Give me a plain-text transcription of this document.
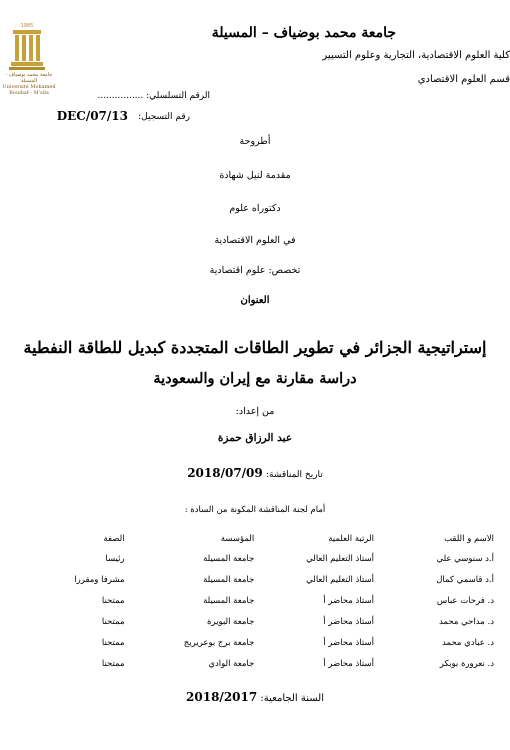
1985
جامعة محمد بوضياف - المسيلة
Université Mohamed Boudiaf - M'sila
جامعة محمد بوضياف – المسيلة
كلية العلوم الاقتصادية، التجارية وعلوم التسيير
قسم العلوم الاقتصادي
الرقم التسلسلي: ................
رقم التسجيل:
DEC/07/13
أطروحة
مقدمة لنيل شهادة
دكتوراه علوم
في العلوم الاقتصادية
تخصص: علوم اقتصادية
العنوان
إستراتيجية الجزائر في تطوير الطاقات المتجددة كبديل للطاقة النفطية
دراسة مقارنة مع إيران والسعودية
من إعداد:
عبد الرزاق حمزة
تاريخ المناقشة: 2018/07/09
أمام لجنة المناقشة المكونة من السادة :
الاسم و اللقب	الرتبة العلمية	المؤسسة	الصفة
أ.د سنوسي علي	أستاذ التعليم العالي	جامعة المسيلة	رئيسا
أ.د قاسمي كمال	أستاذ التعليم العالي	جامعة المسيلة	مشرفا ومقررا
د. فرحات عباس	أستاذ محاضر أ	جامعة المسيلة	ممتحنا
د. مداحي محمد	أستاذ محاضر أ	جامعة البويرة	ممتحنا
د. عبادي محمد	أستاذ محاضر أ	جامعة برج بوعريريج	ممتحنا
د. نعرورة بوبكر	أستاذ محاضر أ	جامعة الوادي	ممتحنا
السنة الجامعية: 2018/2017
